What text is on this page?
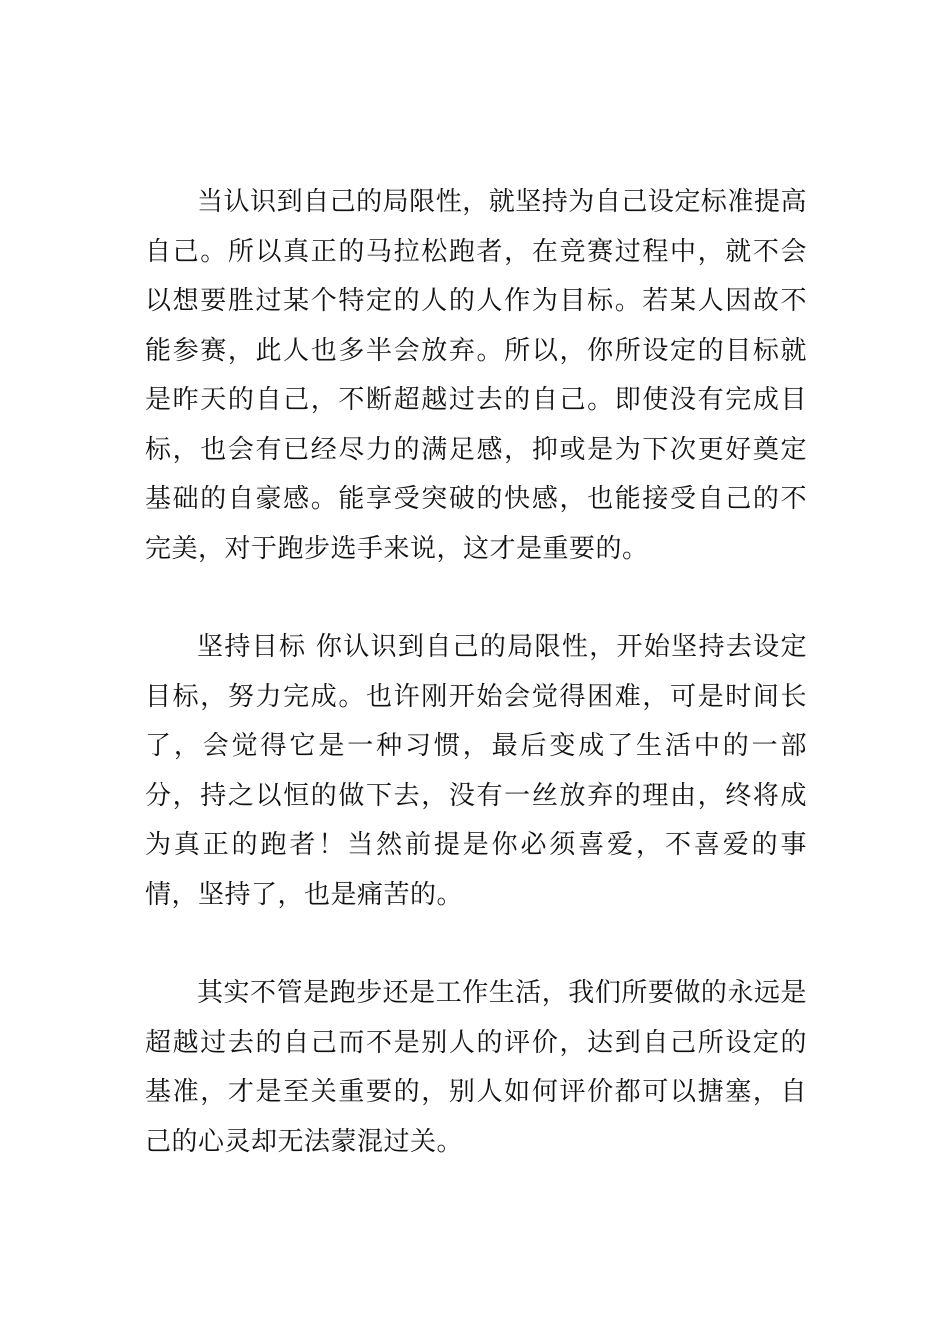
当认识到自己的局限性，就坚持为自己设定标准提高自己。所以真正的马拉松跑者，在竞赛过程中，就不会以想要胜过某个特定的人的人作为目标。若某人因故不能参赛，此人也多半会放弃。所以，你所设定的目标就是昨天的自己，不断超越过去的自己。即使没有完成目标，也会有已经尽力的满足感，抑或是为下次更好奠定基础的自豪感。能享受突破的快感，也能接受自己的不完美，对于跑步选手来说，这才是重要的。

坚持目标 你认识到自己的局限性，开始坚持去设定目标，努力完成。也许刚开始会觉得困难，可是时间长了，会觉得它是一种习惯，最后变成了生活中的一部分，持之以恒的做下去，没有一丝放弃的理由，终将成为真正的跑者！当然前提是你必须喜爱，不喜爱的事情，坚持了，也是痛苦的。

其实不管是跑步还是工作生活，我们所要做的永远是超越过去的自己而不是别人的评价，达到自己所设定的基准，才是至关重要的，别人如何评价都可以搪塞，自己的心灵却无法蒙混过关。
